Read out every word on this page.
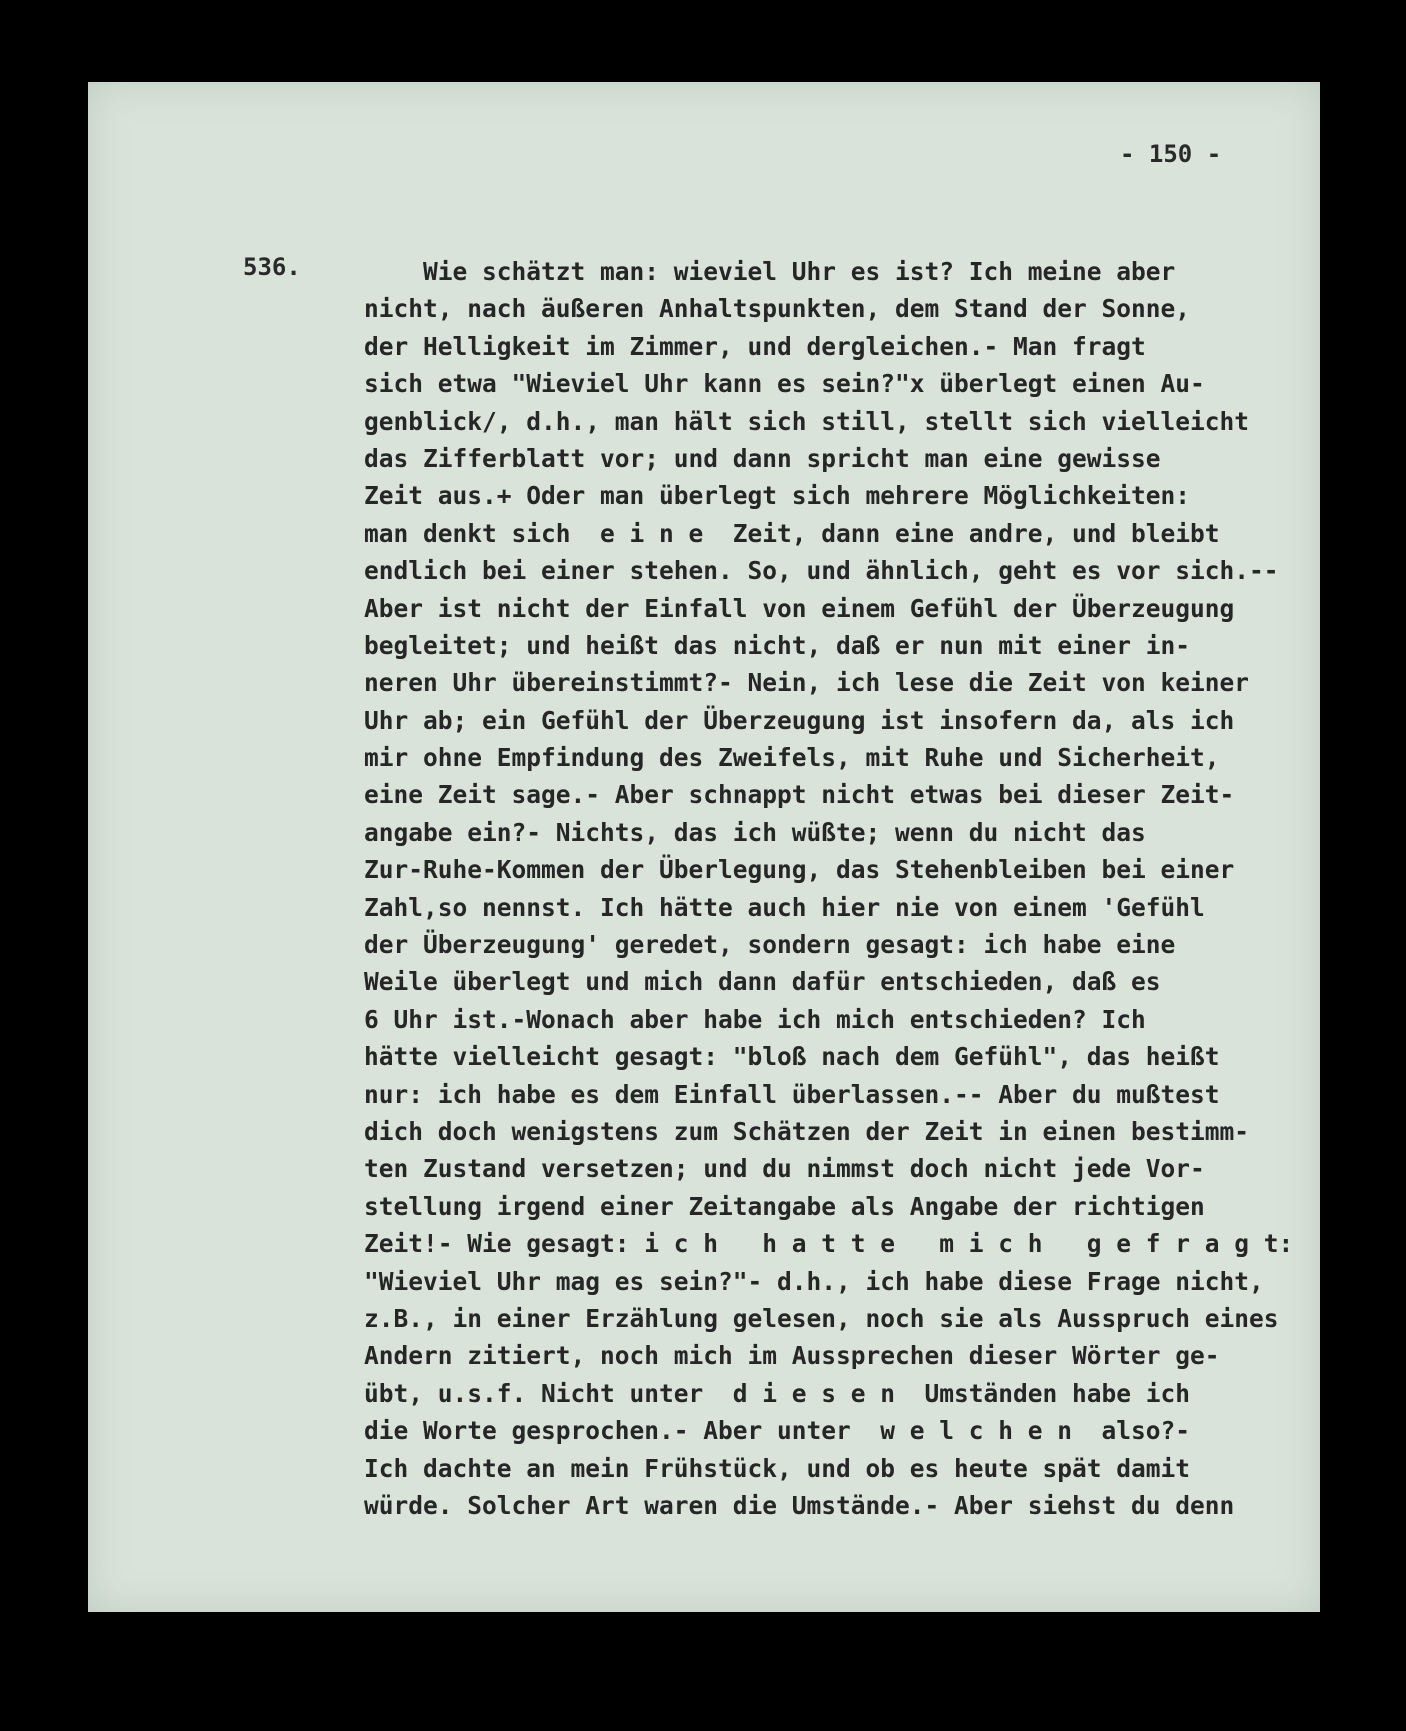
- 150 -
536.	Wie schätzt man: wieviel Uhr es ist? Ich meine aber
nicht, nach äußeren Anhaltspunkten, dem Stand der Sonne,
der Helligkeit im Zimmer, und dergleichen.- Man fragt
sich etwa "Wieviel Uhr kann es sein?"x überlegt einen Au-
genblick/, d.h., man hält sich still, stellt sich vielleicht
das Zifferblatt vor; und dann spricht man eine gewisse
Zeit aus.+ Oder man überlegt sich mehrere Möglichkeiten:
man denkt sich  e i n e  Zeit, dann eine andre, und bleibt
endlich bei einer stehen. So, und ähnlich, geht es vor sich.--
Aber ist nicht der Einfall von einem Gefühl der Überzeugung
begleitet; und heißt das nicht, daß er nun mit einer in-
neren Uhr übereinstimmt?- Nein, ich lese die Zeit von keiner
Uhr ab; ein Gefühl der Überzeugung ist insofern da, als ich
mir ohne Empfindung des Zweifels, mit Ruhe und Sicherheit,
eine Zeit sage.- Aber schnappt nicht etwas bei dieser Zeit-
angabe ein?- Nichts, das ich wüßte; wenn du nicht das
Zur-Ruhe-Kommen der Überlegung, das Stehenbleiben bei einer
Zahl,so nennst. Ich hätte auch hier nie von einem 'Gefühl
der Überzeugung' geredet, sondern gesagt: ich habe eine
Weile überlegt und mich dann dafür entschieden, daß es
6 Uhr ist.-Wonach aber habe ich mich entschieden? Ich
hätte vielleicht gesagt: "bloß nach dem Gefühl", das heißt
nur: ich habe es dem Einfall überlassen.-- Aber du mußtest
dich doch wenigstens zum Schätzen der Zeit in einen bestimm-
ten Zustand versetzen; und du nimmst doch nicht jede Vor-
stellung irgend einer Zeitangabe als Angabe der richtigen
Zeit!- Wie gesagt: i c h   h a t t e   m i c h   g e f r a g t:
"Wieviel Uhr mag es sein?"- d.h., ich habe diese Frage nicht,
z.B., in einer Erzählung gelesen, noch sie als Ausspruch eines
Andern zitiert, noch mich im Aussprechen dieser Wörter ge-
übt, u.s.f. Nicht unter  d i e s e n  Umständen habe ich
die Worte gesprochen.- Aber unter  w e l c h e n  also?-
Ich dachte an mein Frühstück, und ob es heute spät damit
würde. Solcher Art waren die Umstände.- Aber siehst du denn
